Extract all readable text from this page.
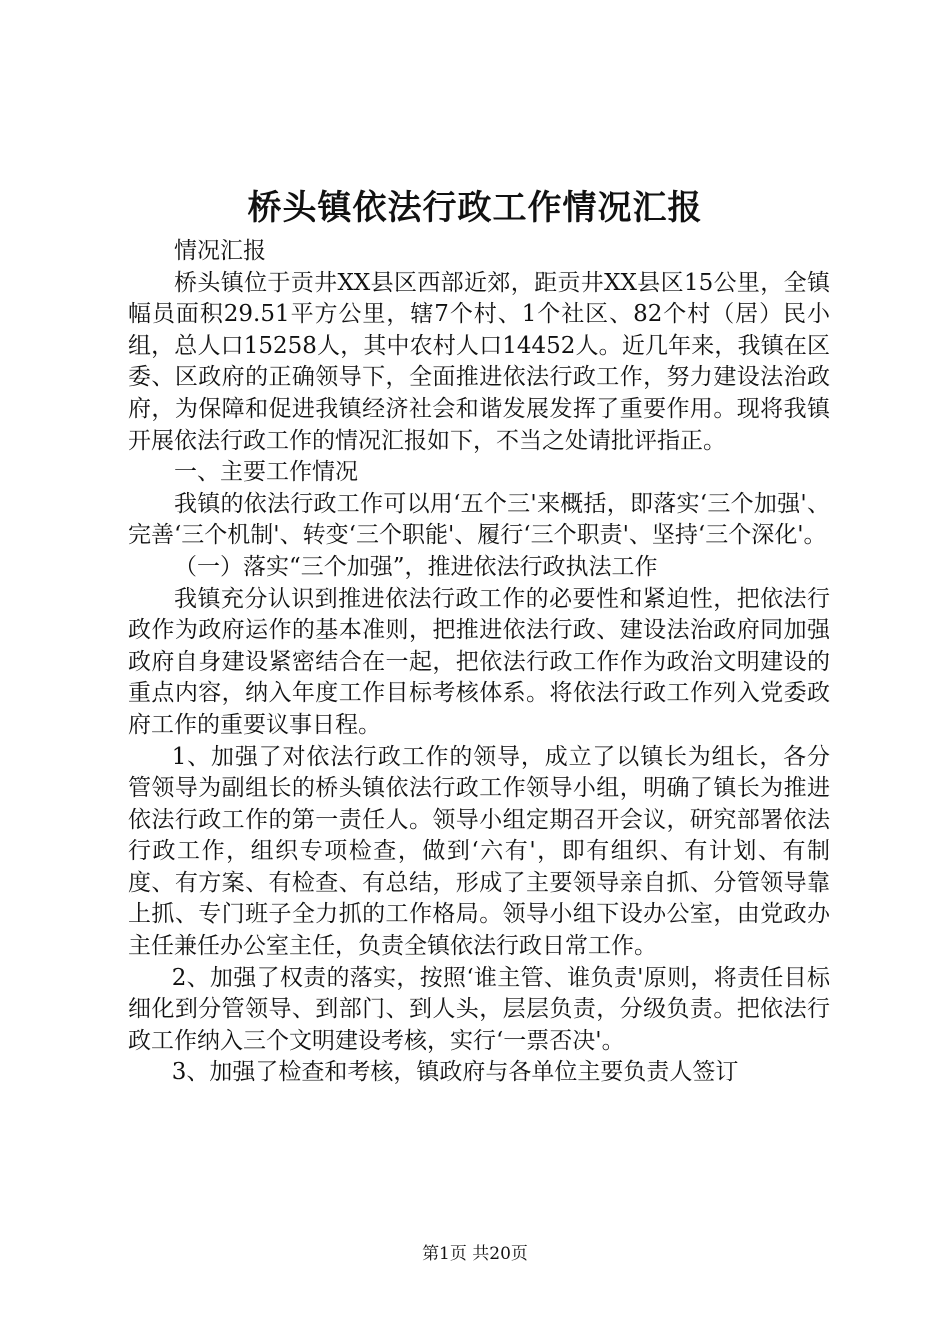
桥头镇依法行政工作情况汇报

情况汇报

桥头镇位于贡井XX县区西部近郊，距贡井XX县区15公里，全镇幅员面积29.51平方公里，辖7个村、1个社区、82个村（居）民小组，总人口15258人，其中农村人口14452人。近几年来，我镇在区委、区政府的正确领导下，全面推进依法行政工作，努力建设法治政府，为保障和促进我镇经济社会和谐发展发挥了重要作用。现将我镇开展依法行政工作的情况汇报如下，不当之处请批评指正。

一、主要工作情况

我镇的依法行政工作可以用‘五个三'来概括，即落实‘三个加强'、完善‘三个机制'、转变‘三个职能'、履行‘三个职责'、坚持‘三个深化'。

（一）落实“三个加强”，推进依法行政执法工作

我镇充分认识到推进依法行政工作的必要性和紧迫性，把依法行政作为政府运作的基本准则，把推进依法行政、建设法治政府同加强政府自身建设紧密结合在一起，把依法行政工作作为政治文明建设的重点内容，纳入年度工作目标考核体系。将依法行政工作列入党委政府工作的重要议事日程。

1、加强了对依法行政工作的领导，成立了以镇长为组长，各分管领导为副组长的桥头镇依法行政工作领导小组，明确了镇长为推进依法行政工作的第一责任人。领导小组定期召开会议，研究部署依法行政工作，组织专项检查，做到‘六有'，即有组织、有计划、有制度、有方案、有检查、有总结，形成了主要领导亲自抓、分管领导靠上抓、专门班子全力抓的工作格局。领导小组下设办公室，由党政办主任兼任办公室主任，负责全镇依法行政日常工作。

2、加强了权责的落实，按照‘谁主管、谁负责'原则，将责任目标细化到分管领导、到部门、到人头，层层负责，分级负责。把依法行政工作纳入三个文明建设考核，实行‘一票否决'。

3、加强了检查和考核，镇政府与各单位主要负责人签订

第1页 共20页
